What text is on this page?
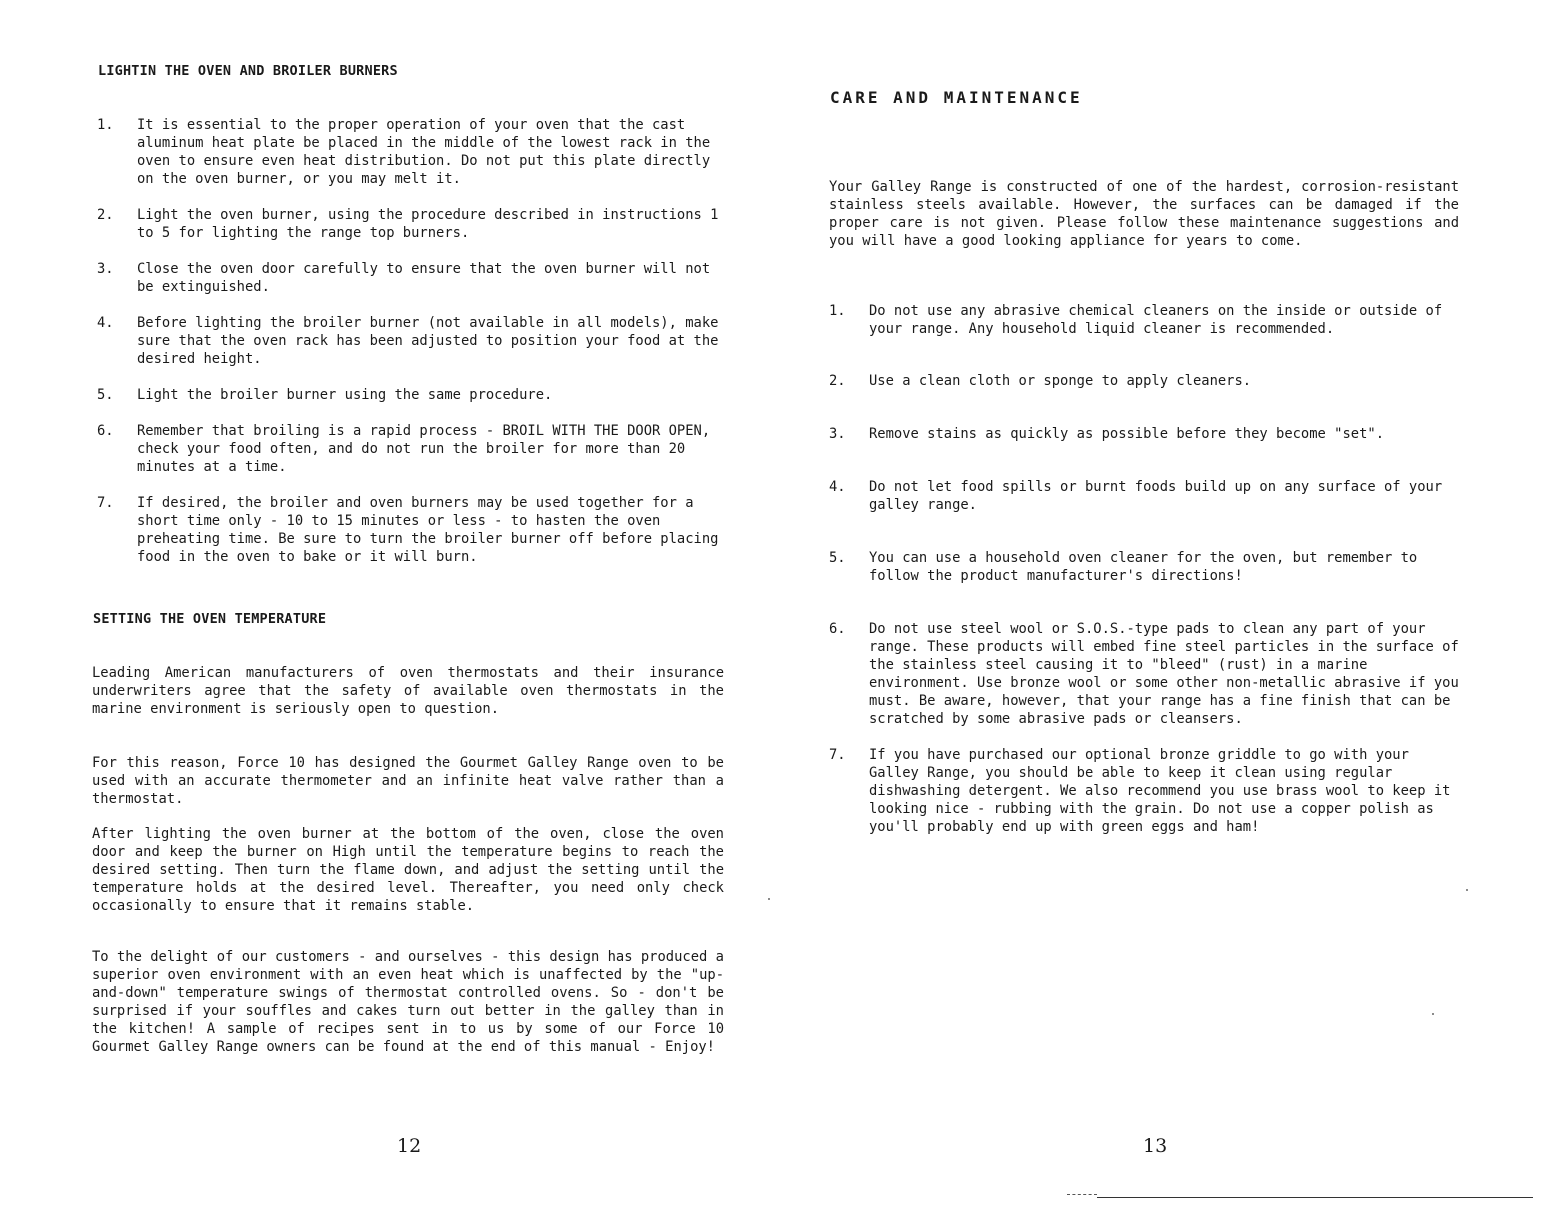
LIGHTIN THE OVEN AND BROILER BURNERS
1. It is essential to the proper operation of your oven that the cast aluminum heat plate be placed in the middle of the lowest rack in the oven to ensure even heat distribution. Do not put this plate directly on the oven burner, or you may melt it.
2. Light the oven burner, using the procedure described in instructions 1 to 5 for lighting the range top burners.
3. Close the oven door carefully to ensure that the oven burner will not be extinguished.
4. Before lighting the broiler burner (not available in all models), make sure that the oven rack has been adjusted to position your food at the desired height.
5. Light the broiler burner using the same procedure.
6. Remember that broiling is a rapid process - BROIL WITH THE DOOR OPEN, check your food often, and do not run the broiler for more than 20 minutes at a time.
7. If desired, the broiler and oven burners may be used together for a short time only - 10 to 15 minutes or less - to hasten the oven preheating time. Be sure to turn the broiler burner off before placing food in the oven to bake or it will burn.
SETTING THE OVEN TEMPERATURE

Leading American manufacturers of oven thermostats and their insurance underwriters agree that the safety of available oven thermostats in the marine environment is seriously open to question.

For this reason, Force 10 has designed the Gourmet Galley Range oven to be used with an accurate thermometer and an infinite heat valve rather than a thermostat.

After lighting the oven burner at the bottom of the oven, close the oven door and keep the burner on High until the temperature begins to reach the desired setting. Then turn the flame down, and adjust the setting until the temperature holds at the desired level. Thereafter, you need only check occasionally to ensure that it remains stable.

To the delight of our customers - and ourselves - this design has produced a superior oven environment with an even heat which is unaffected by the "up-and-down" temperature swings of thermostat controlled ovens. So - don't be surprised if your souffles and cakes turn out better in the galley than in the kitchen! A sample of recipes sent in to us by some of our Force 10 Gourmet Galley Range owners can be found at the end of this manual - Enjoy!

12
CARE AND MAINTENANCE

Your Galley Range is constructed of one of the hardest, corrosion-resistant stainless steels available. However, the surfaces can be damaged if the proper care is not given. Please follow these maintenance suggestions and you will have a good looking appliance for years to come.

1. Do not use any abrasive chemical cleaners on the inside or outside of your range. Any household liquid cleaner is recommended.
2. Use a clean cloth or sponge to apply cleaners.
3. Remove stains as quickly as possible before they become "set".
4. Do not let food spills or burnt foods build up on any surface of your galley range.
5. You can use a household oven cleaner for the oven, but remember to follow the product manufacturer's directions!
6. Do not use steel wool or S.O.S.-type pads to clean any part of your range. These products will embed fine steel particles in the surface of the stainless steel causing it to "bleed" (rust) in a marine environment. Use bronze wool or some other non-metallic abrasive if you must. Be aware, however, that your range has a fine finish that can be scratched by some abrasive pads or cleansers.
7. If you have purchased our optional bronze griddle to go with your Galley Range, you should be able to keep it clean using regular dishwashing detergent. We also recommend you use brass wool to keep it looking nice - rubbing with the grain. Do not use a copper polish as you'll probably end up with green eggs and ham!
13
